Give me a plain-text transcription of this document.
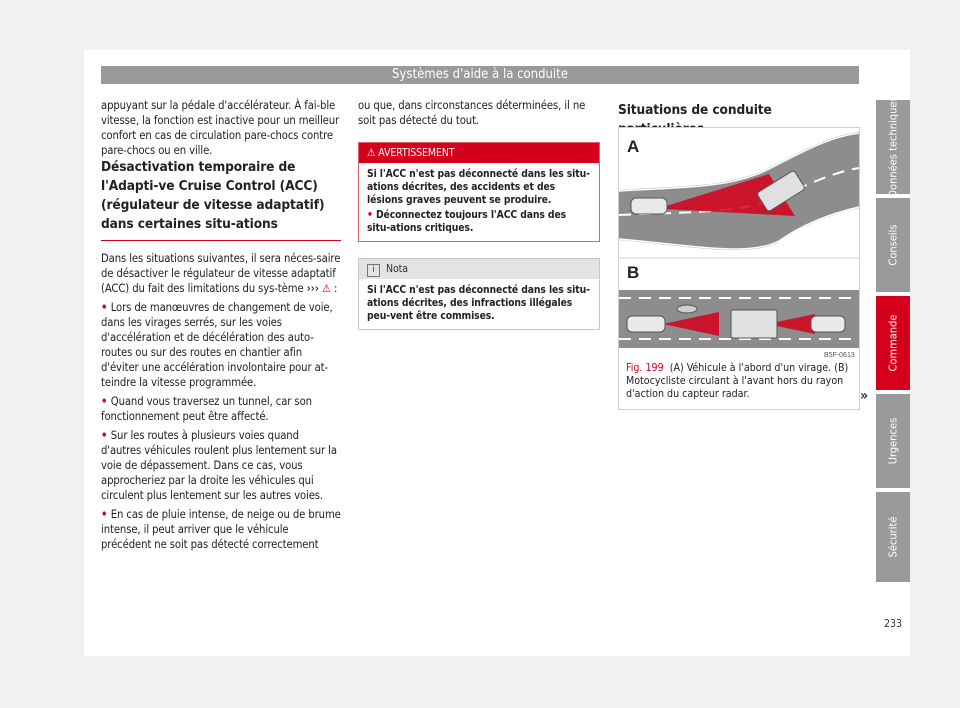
Systèmes d'aide à la conduite

appuyant sur la pédale d'accélérateur. À fai-ble vitesse, la fonction est inactive pour un meilleur confort en cas de circulation pare-chocs contre pare-chocs ou en ville.

Désactivation temporaire de l'Adapti-ve Cruise Control (ACC) (régulateur de vitesse adaptatif) dans certaines situ-ations

Dans les situations suivantes, il sera néces-saire de désactiver le régulateur de vitesse adaptatif (ACC) du fait des limitations du sys-tème ››› ⚠ :

• Lors de manœuvres de changement de voie, dans les virages serrés, sur les voies d'accélération et de décélération des auto-routes ou sur des routes en chantier afin d'éviter une accélération involontaire pour at-teindre la vitesse programmée.

• Quand vous traversez un tunnel, car son fonctionnement peut être affecté.

• Sur les routes à plusieurs voies quand d'autres véhicules roulent plus lentement sur la voie de dépassement. Dans ce cas, vous approcheriez par la droite les véhicules qui circulent plus lentement sur les autres voies.

• En cas de pluie intense, de neige ou de brume intense, il peut arriver que le véhicule précédent ne soit pas détecté correctement

ou que, dans circonstances déterminées, il ne soit pas détecté du tout.

⚠ AVERTISSEMENT
Si l'ACC n'est pas déconnecté dans les situ-ations décrites, des accidents et des lésions graves peuvent se produire.
• Déconnectez toujours l'ACC dans des situ-ations critiques.
i Nota
Si l'ACC n'est pas déconnecté dans les situ-ations décrites, des infractions illégales peu-vent être commises.
Situations de conduite
A
B
B5F-0613
Fig. 199 (A) Véhicule à l'abord d'un virage. (B) Motocycliste circulant à l'avant hors du rayon d'action du capteur radar.	»
Données techniques
Conseils
Commande
Urgences
Sécurité
233
